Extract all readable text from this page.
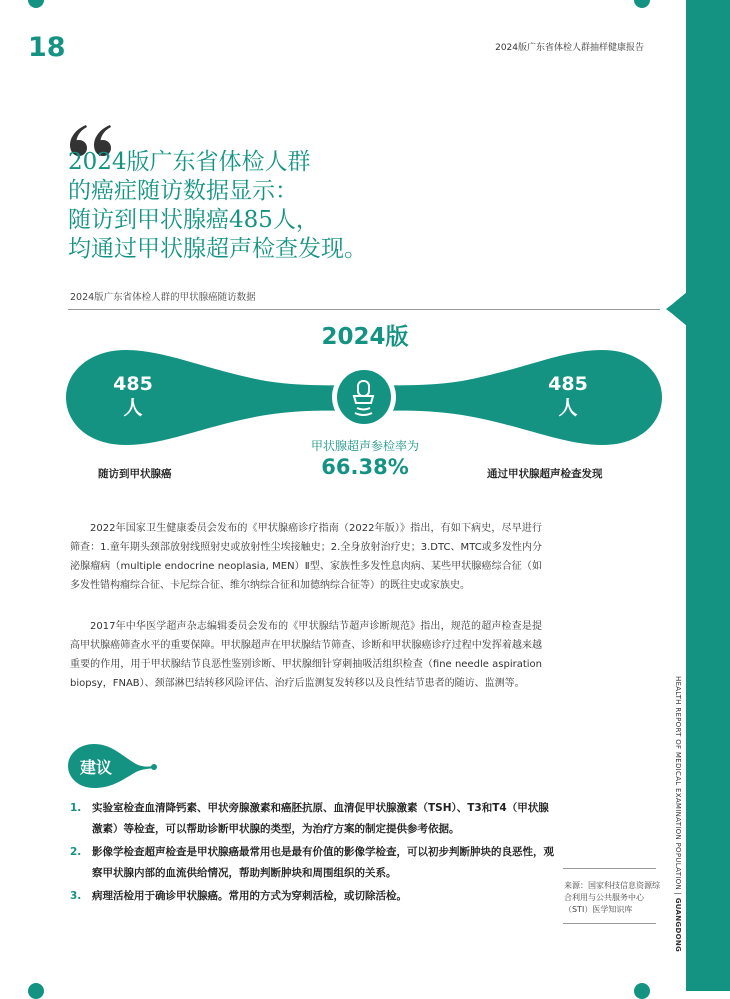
18	2024版广东省体检人群抽样健康报告
2024版广东省体检人群
的癌症随访数据显示：
随访到甲状腺癌485人，
均通过甲状腺超声检查发现。
2024版广东省体检人群的甲状腺癌随访数据
2024版
485
人
485
人
随访到甲状腺癌	通过甲状腺超声检查发现
甲状腺超声参检率为
66.38%
2022年国家卫生健康委员会发布的《甲状腺癌诊疗指南（2022年版）》指出，有如下病史，尽早进行筛查：1.童年期头颈部放射线照射史或放射性尘埃接触史；2.全身放射治疗史；3.DTC、MTC或多发性内分泌腺瘤病（multiple endocrine neoplasia, MEN）Ⅱ型、家族性多发性息肉病、某些甲状腺癌综合征（如多发性错构瘤综合征、卡尼综合征、维尔纳综合征和加德纳综合征等）的既往史或家族史。
2017年中华医学超声杂志编辑委员会发布的《甲状腺结节超声诊断规范》指出，规范的超声检查是提高甲状腺癌筛查水平的重要保障。甲状腺超声在甲状腺结节筛查、诊断和甲状腺癌诊疗过程中发挥着越来越重要的作用，用于甲状腺结节良恶性鉴别诊断、甲状腺细针穿刺抽吸活组织检查（fine needle aspiration biopsy，FNAB）、颈部淋巴结转移风险评估、治疗后监测复发转移以及良性结节患者的随访、监测等。	HEALTH REPORT OF MEDICAL EXAMINATION POPULATION | GUANGDONG
建议
1. 实验室检查血清降钙素、甲状旁腺激素和癌胚抗原、血清促甲状腺激素（TSH）、T3和T4（甲状腺激素）等检查，可以帮助诊断甲状腺的类型，为治疗方案的制定提供参考依据。
2. 影像学检查超声检查是甲状腺癌最常用也是最有价值的影像学检查，可以初步判断肿块的良恶性，观察甲状腺内部的血流供给情况，帮助判断肿块和周围组织的关系。
3. 病理活检用于确诊甲状腺癌。常用的方式为穿刺活检，或切除活检。
来源：国家科技信息资源综合利用与公共服务中心（STI）医学知识库
